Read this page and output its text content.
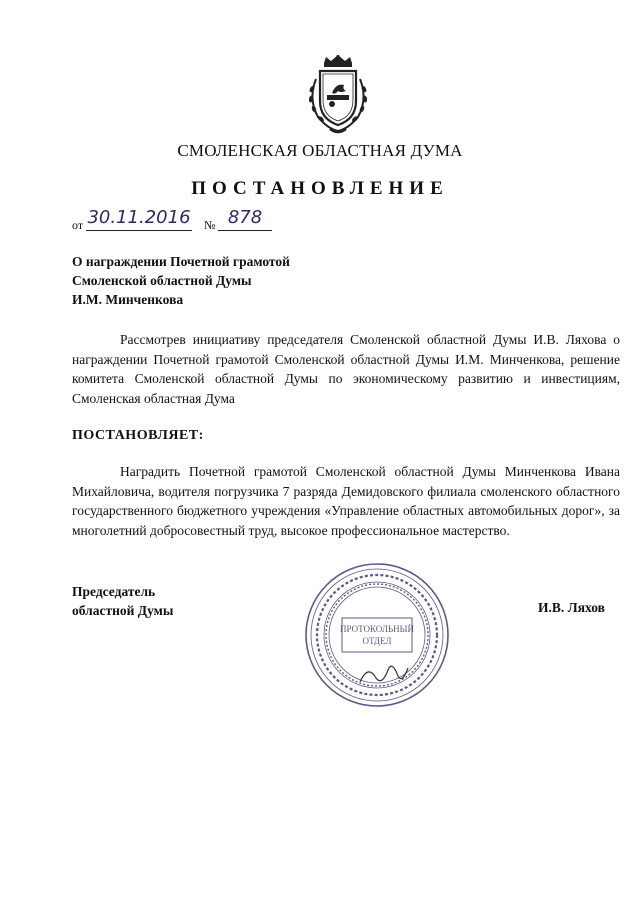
СМОЛЕНСКАЯ ОБЛАСТНАЯ ДУМА
ПОСТАНОВЛЕНИЕ
от 30.11.2016 № 878
О награждении Почетной грамотой
Смоленской областной Думы
И.М. Минченкова

Рассмотрев инициативу председателя Смоленской областной Думы И.В. Ляхова о награждении Почетной грамотой Смоленской областной Думы И.М. Минченкова, решение комитета Смоленской областной Думы по экономическому развитию и инвестициям, Смоленская областная Дума

ПОСТАНОВЛЯЕТ:

Наградить Почетной грамотой Смоленской областной Думы Минченкова Ивана Михайловича, водителя погрузчика 7 разряда Демидовского филиала смоленского областного государственного бюджетного учреждения «Управление областных автомобильных дорог», за многолетний добросовестный труд, высокое профессиональное мастерство.

Председатель
областной Думы
ПРОТОКОЛЬНЫЙ
ОТДЕЛ
И.В. Ляхов
